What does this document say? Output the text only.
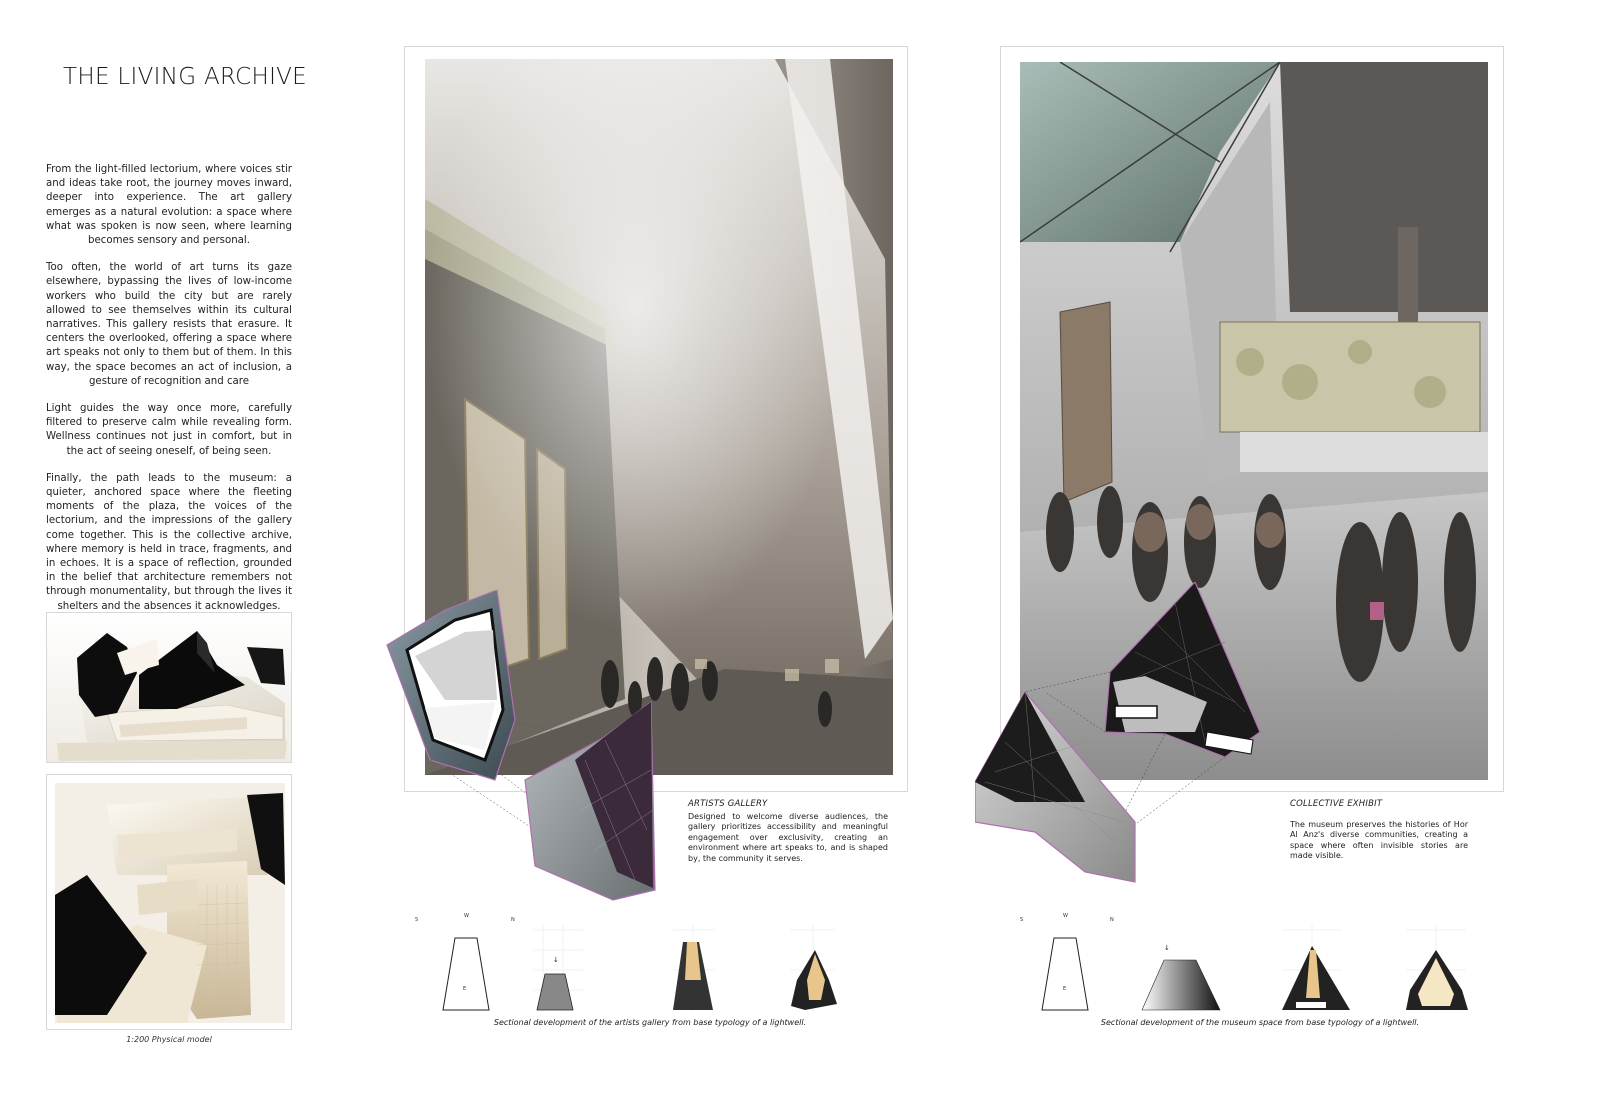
THE LIVING ARCHIVE

From the light-filled lectorium, where voices stir and ideas take root, the journey moves inward, deeper into experience. The art gallery emerges as a natural evolution: a space where what was spoken is now seen, where learning becomes sensory and personal.

Too often, the world of art turns its gaze elsewhere, bypassing the lives of low-income workers who build the city but are rarely allowed to see themselves within its cultural narratives. This gallery resists that erasure. It centers the overlooked, offering a space where art speaks not only to them but of them. In this way, the space becomes an act of inclusion, a gesture of recognition and care

Light guides the way once more, carefully filtered to preserve calm while revealing form. Wellness continues not just in comfort, but in the act of seeing oneself, of being seen.

Finally, the path leads to the museum: a quieter, anchored space where the fleeting moments of the plaza, the voices of the lectorium, and the impressions of the gallery come together. This is the collective archive, where memory is held in trace, fragments, and in echoes. It is a space of reflection, grounded in the belief that architecture remembers not through monumentality, but through the lives it shelters and the absences it acknowledges.

1:200 Physical model
ARTISTS GALLERY
Designed to welcome diverse audiences, the gallery prioritizes accessibility and meaningful engagement over exclusivity, creating an environment where art speaks to, and is shaped by, the community it serves.
S
W
N
E
↓
Sectional development of the artists gallery from base typology of a lightwell.
COLLECTIVE EXHIBIT
The museum preserves the histories of Hor Al Anz's diverse communities, creating a space where often invisible stories are made visible.
S
W
N
E
↓
Sectional development of the museum space from base typology of a lightwell.
